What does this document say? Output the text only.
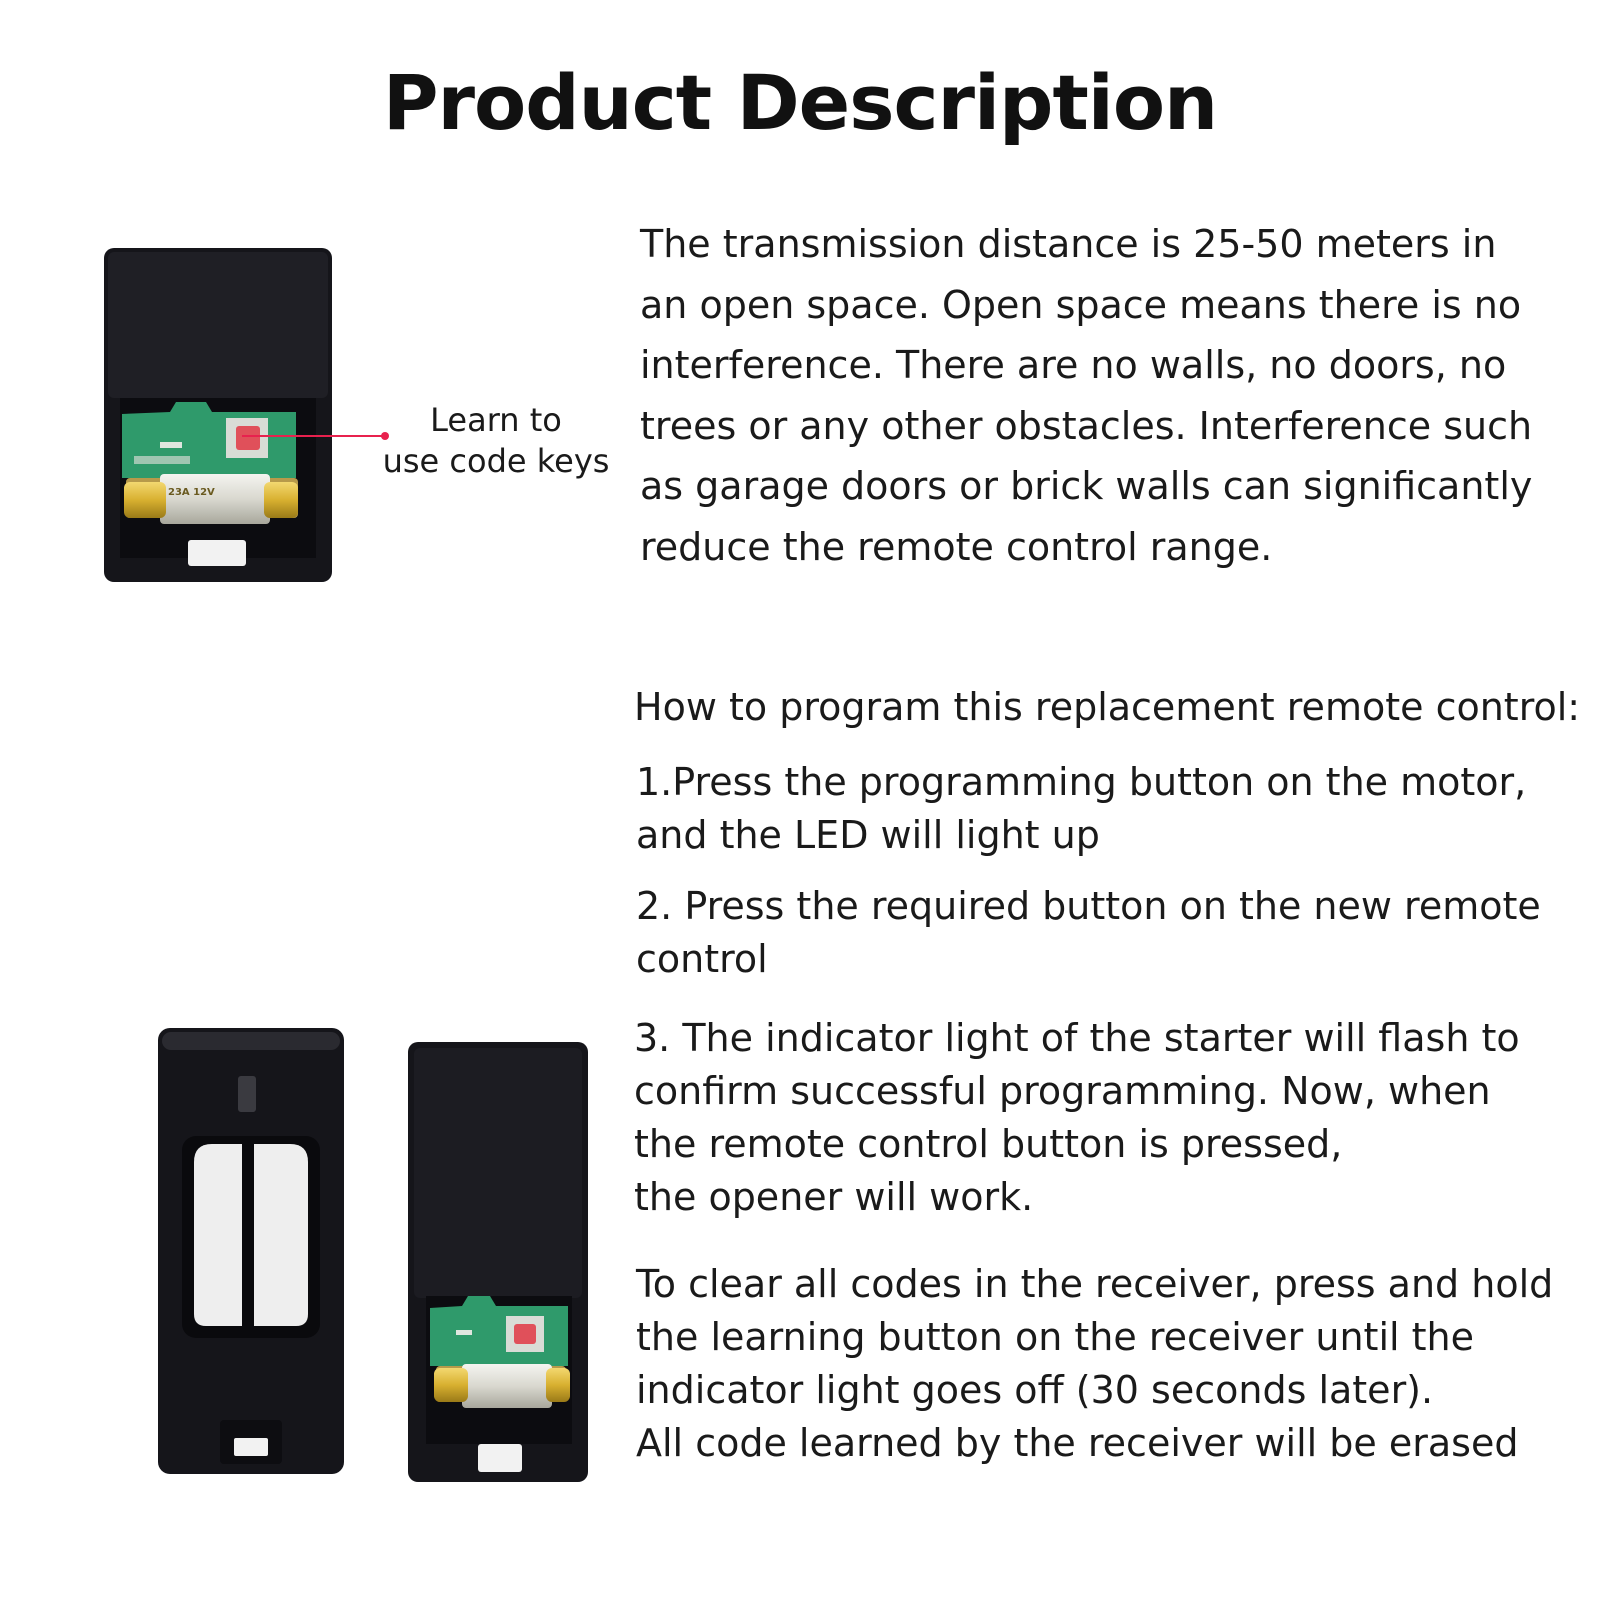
Product Description
23A 12V
Learn to
use code keys

The transmission distance is 25-50 meters in
an open space. Open space means there is no
interference. There are no walls, no doors, no
trees or any other obstacles. Interference such
as garage doors or brick walls can significantly
reduce the remote control range.

How to program this replacement remote control:

1.Press the programming button on the motor,
and the LED will light up

2. Press the required button on the new remote
control

3. The indicator light of the starter will flash to
confirm successful programming. Now, when
the remote control button is pressed,
the opener will work.

To clear all codes in the receiver, press and hold
the learning button on the receiver until the
indicator light goes off (30 seconds later).
All code learned by the receiver will be erased
